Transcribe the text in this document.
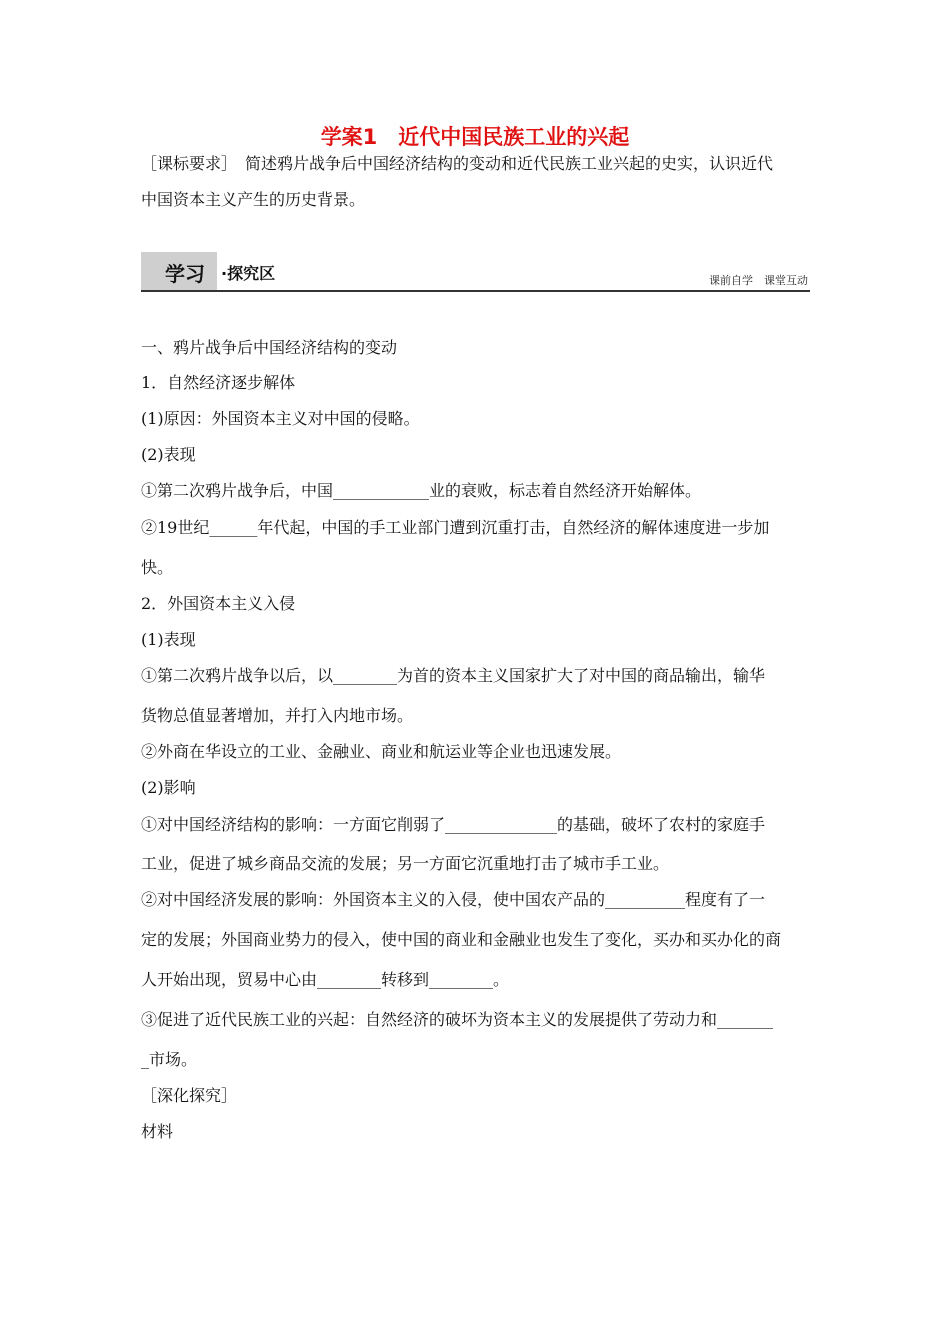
学案1　近代中国民族工业的兴起
［课标要求］　简述鸦片战争后中国经济结构的变动和近代民族工业兴起的史实，认识近代
中国资本主义产生的历史背景。
学习 ·探究区	课前自学　课堂互动
一、鸦片战争后中国经济结构的变动
1．自然经济逐步解体
(1)原因：外国资本主义对中国的侵略。
(2)表现
①第二次鸦片战争后，中国____________业的衰败，标志着自然经济开始解体。
②19世纪______年代起，中国的手工业部门遭到沉重打击，自然经济的解体速度进一步加
快。
2．外国资本主义入侵
(1)表现
①第二次鸦片战争以后，以________为首的资本主义国家扩大了对中国的商品输出，输华
货物总值显著增加，并打入内地市场。
②外商在华设立的工业、金融业、商业和航运业等企业也迅速发展。
(2)影响
①对中国经济结构的影响：一方面它削弱了______________的基础，破坏了农村的家庭手
工业，促进了城乡商品交流的发展；另一方面它沉重地打击了城市手工业。
②对中国经济发展的影响：外国资本主义的入侵，使中国农产品的__________程度有了一
定的发展；外国商业势力的侵入，使中国的商业和金融业也发生了变化，买办和买办化的商
人开始出现，贸易中心由________转移到________。
③促进了近代民族工业的兴起：自然经济的破坏为资本主义的发展提供了劳动力和_______
_市场。
［深化探究］
材料
